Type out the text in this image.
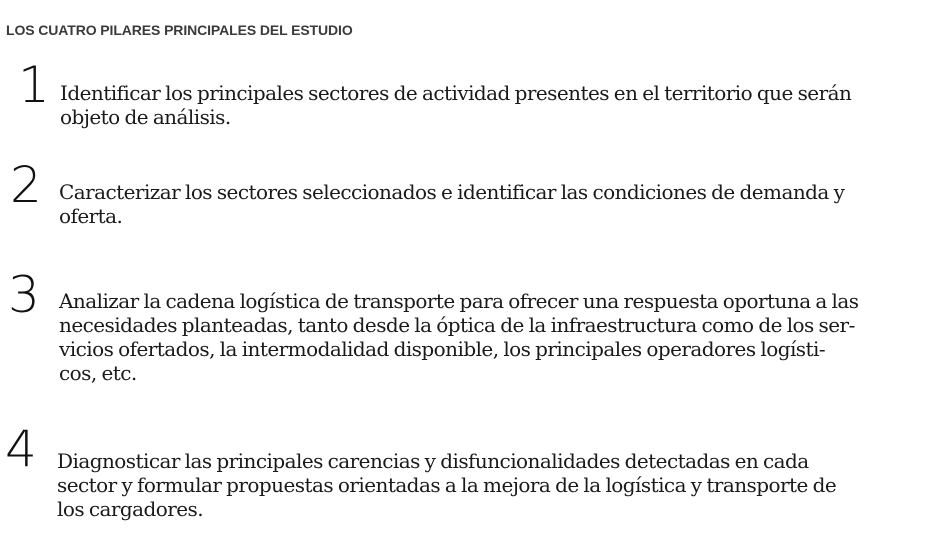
LOS CUATRO PILARES PRINCIPALES DEL ESTUDIO
1 Identificar los principales sectores de actividad presentes en el territorio que serán
objeto de análisis.
2 Caracterizar los sectores seleccionados e identificar las condiciones de demanda y
oferta.
3 Analizar la cadena logística de transporte para ofrecer una respuesta oportuna a las
necesidades planteadas, tanto desde la óptica de la infraestructura como de los ser-
vicios ofertados, la intermodalidad disponible, los principales operadores logísti-
cos, etc.
4 Diagnosticar las principales carencias y disfuncionalidades detectadas en cada
sector y formular propuestas orientadas a la mejora de la logística y transporte de
los cargadores.
